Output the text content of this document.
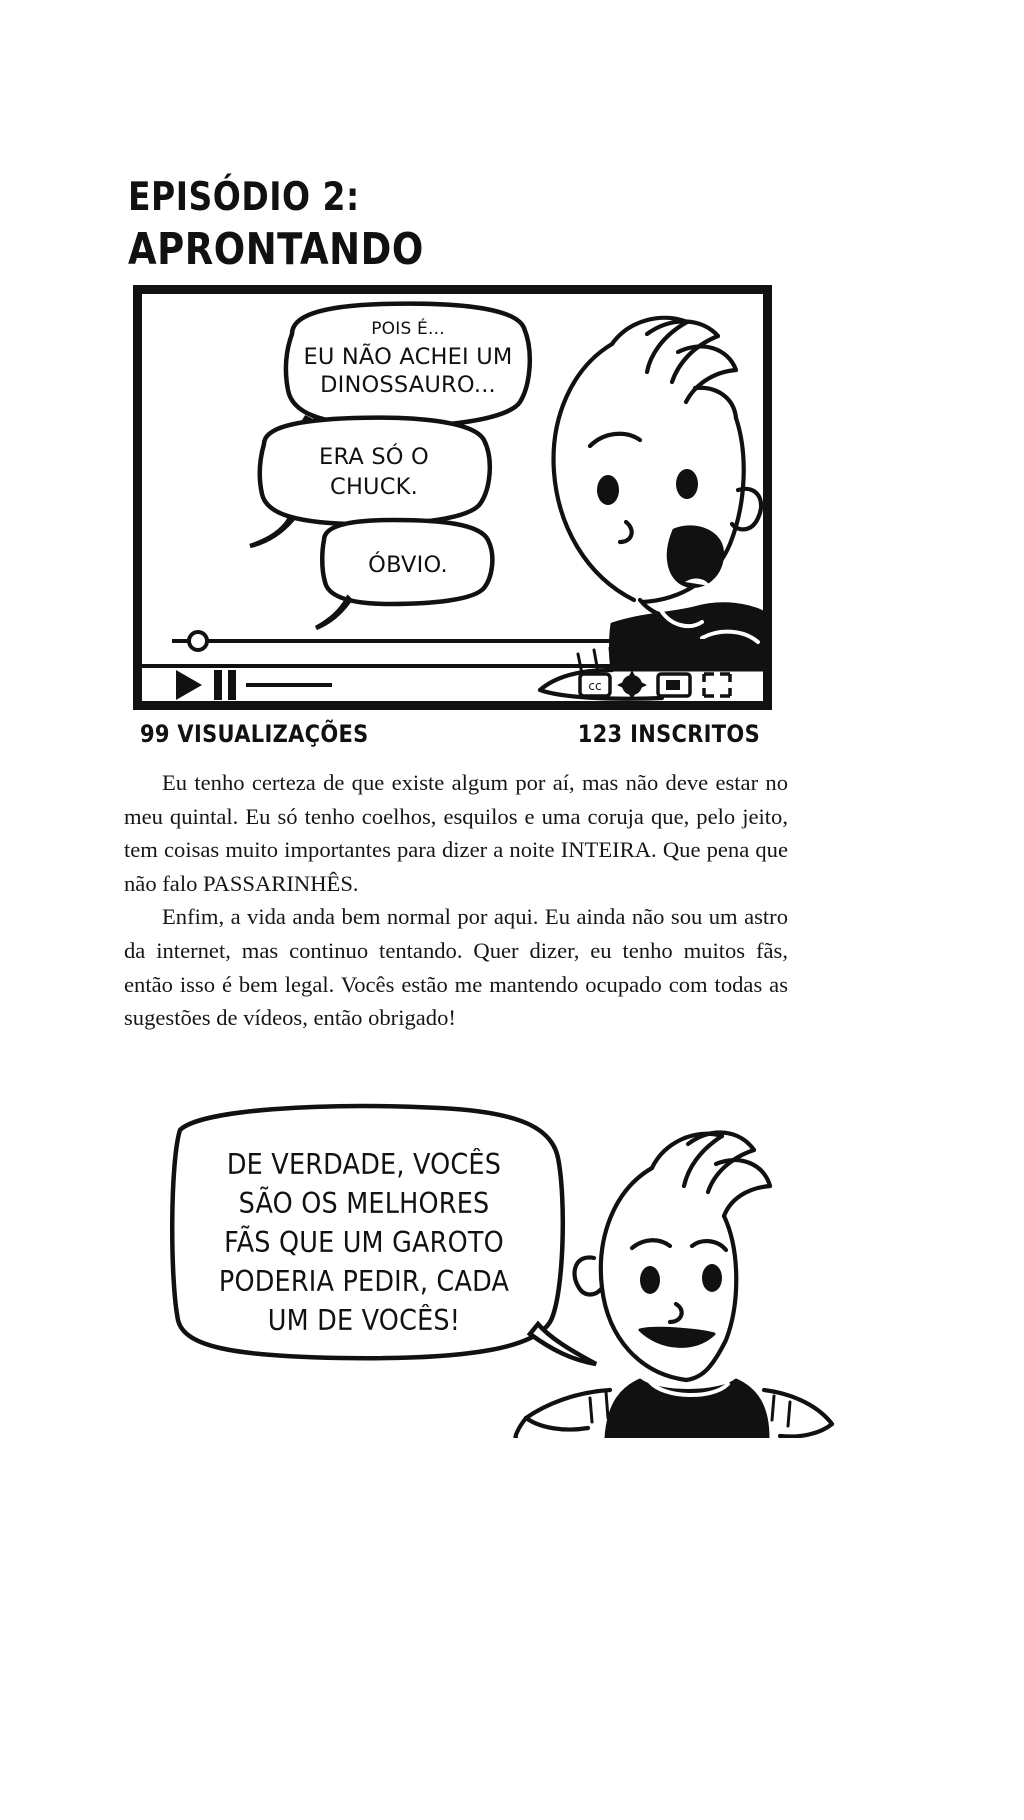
EPISÓDIO 2:
APRONTANDO
POIS É...
EU NÃO ACHEI UM
DINOSSAURO...
ERA SÓ O
CHUCK.
ÓBVIO.
cc
99 VISUALIZAÇÕES	123 INSCRITOS

Eu tenho certeza de que existe algum por aí, mas não deve estar no meu quintal. Eu só tenho coelhos, esquilos e uma coruja que, pelo jeito, tem coisas muito importantes para dizer a noite INTEIRA. Que pena que não falo PASSARINHÊS.

Enfim, a vida anda bem normal por aqui. Eu ainda não sou um astro da internet, mas continuo tentando. Quer dizer, eu tenho muitos fãs, então isso é bem legal. Vocês estão me mantendo ocupado com todas as sugestões de vídeos, então obrigado!

DE VERDADE, VOCÊS
SÃO OS MELHORES
FÃS QUE UM GAROTO
PODERIA PEDIR, CADA
UM DE VOCÊS!
